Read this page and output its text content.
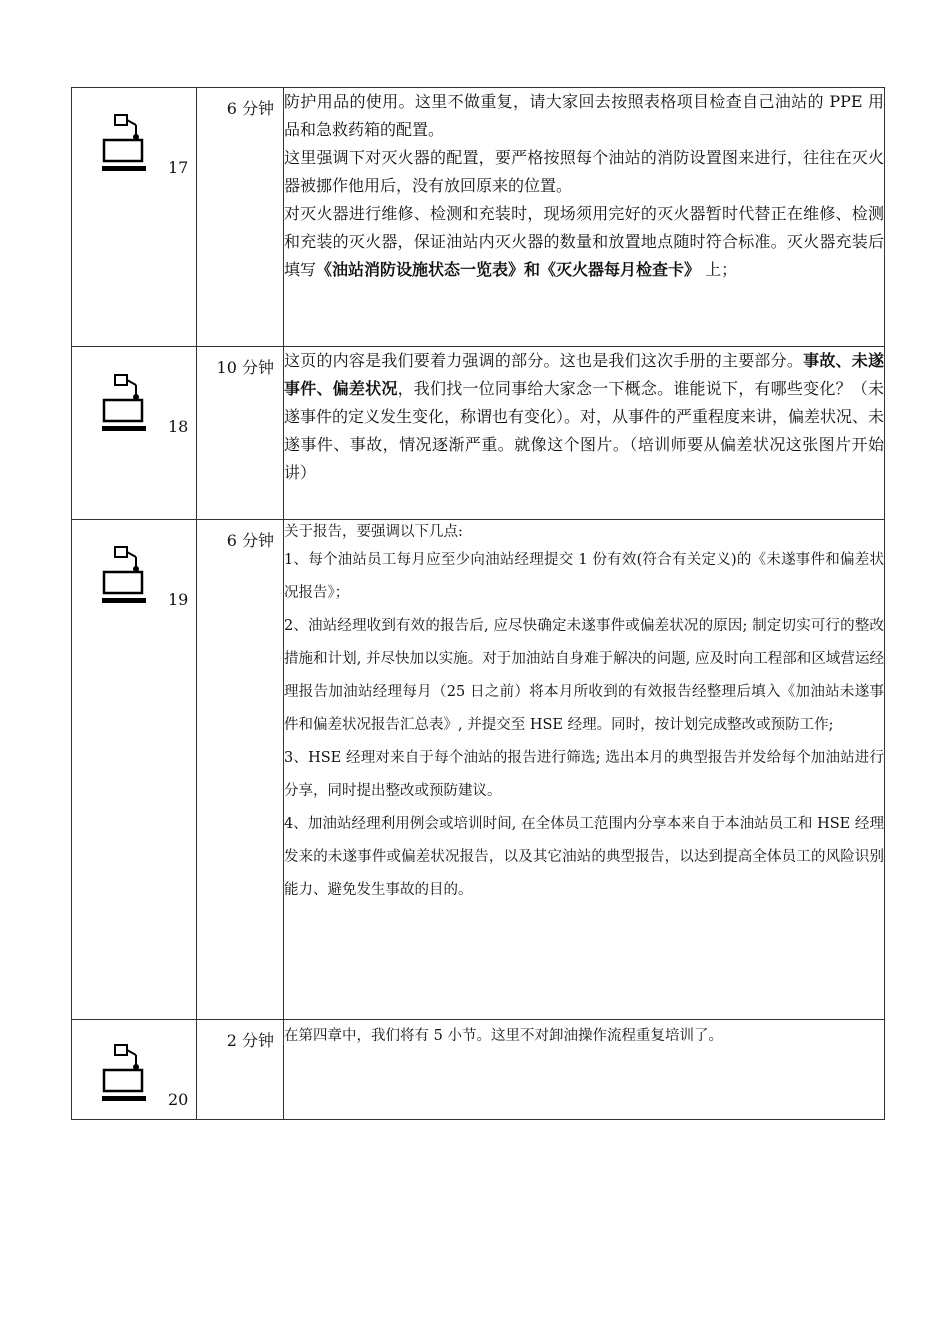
17	6 分钟	防护用品的使用。这里不做重复，请大家回去按照表格项目检查自己油站的 PPE 用品和急救药箱的配置。

这里强调下对灭火器的配置，要严格按照每个油站的消防设置图来进行，往往在灭火器被挪作他用后，没有放回原来的位置。

对灭火器进行维修、检测和充装时，现场须用完好的灭火器暂时代替正在维修、检测和充装的灭火器，保证油站内灭火器的数量和放置地点随时符合标准。灭火器充装后填写《油站消防设施状态一览表》和《灭火器每月检查卡》 上；

18	10 分钟	这页的内容是我们要着力强调的部分。这也是我们这次手册的主要部分。事故、未遂事件、偏差状况，我们找一位同事给大家念一下概念。谁能说下，有哪些变化？（未遂事件的定义发生变化，称谓也有变化）。对，从事件的严重程度来讲，偏差状况、未遂事件、事故，情况逐渐严重。就像这个图片。（培训师要从偏差状况这张图片开始讲）

19	6 分钟	关于报告，要强调以下几点:

1、每个油站员工每月应至少向油站经理提交 1 份有效(符合有关定义)的《未遂事件和偏差状况报告》；

2、油站经理收到有效的报告后, 应尽快确定未遂事件或偏差状况的原因; 制定切实可行的整改措施和计划, 并尽快加以实施。对于加油站自身难于解决的问题, 应及时向工程部和区域营运经理报告加油站经理每月（25 日之前）将本月所收到的有效报告经整理后填入《加油站未遂事件和偏差状况报告汇总表》, 并提交至 HSE 经理。同时，按计划完成整改或预防工作;

3、HSE 经理对来自于每个油站的报告进行筛选; 选出本月的典型报告并发给每个加油站进行分享，同时提出整改或预防建议。

4、加油站经理利用例会或培训时间, 在全体员工范围内分享本来自于本油站员工和 HSE 经理发来的未遂事件或偏差状况报告，以及其它油站的典型报告，以达到提高全体员工的风险识别能力、避免发生事故的目的。

20	2 分钟	在第四章中，我们将有 5 小节。这里不对卸油操作流程重复培训了。
